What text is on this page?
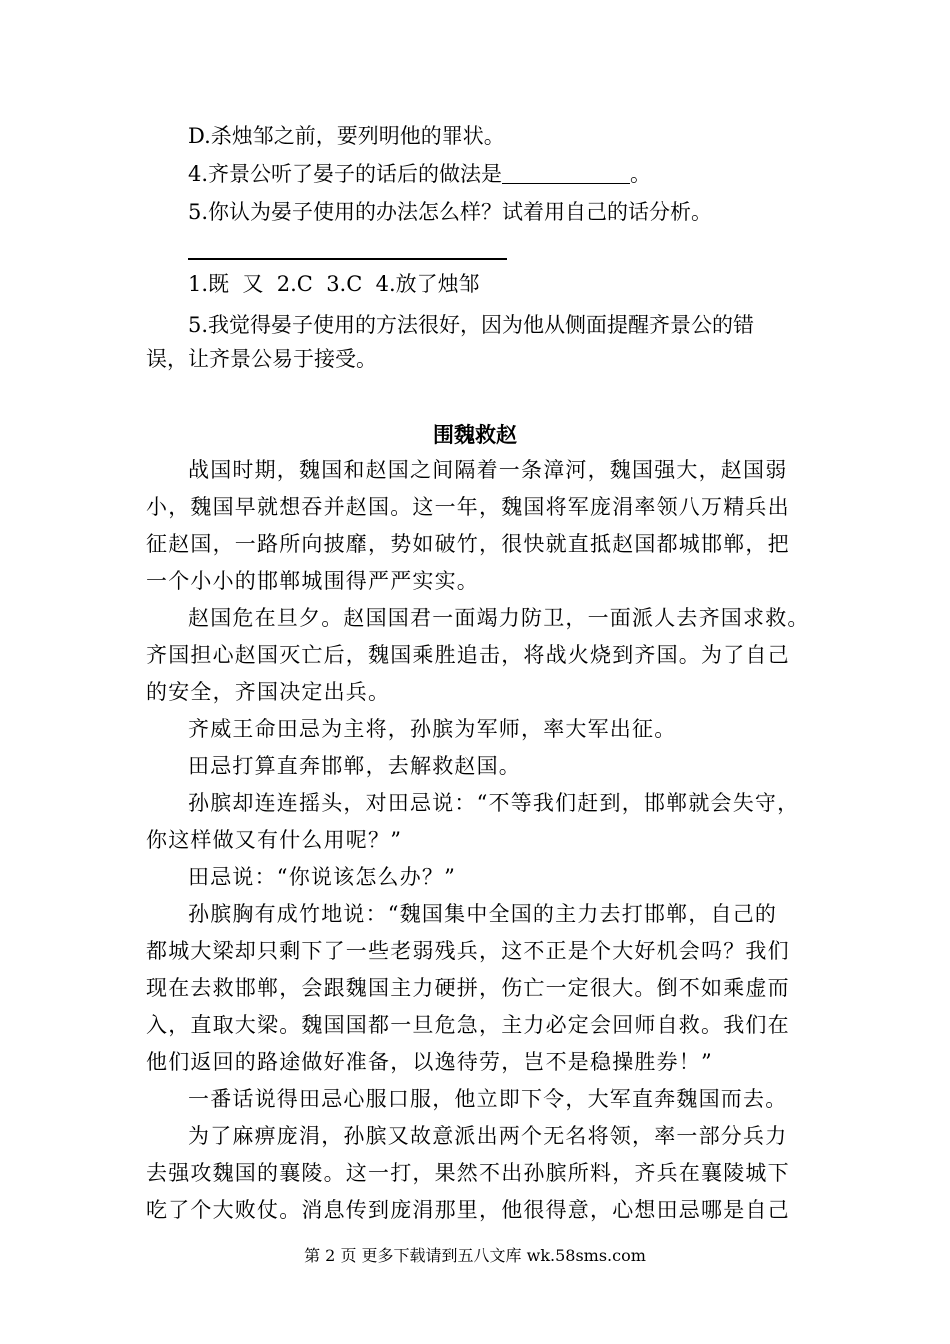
D.杀烛邹之前，要列明他的罪状。
4.齐景公听了晏子的话后的做法是	。
5.你认为晏子使用的办法怎么样？试着用自己的话分析。
1.既  又  2.C  3.C  4.放了烛邹
5.我觉得晏子使用的方法很好，因为他从侧面提醒齐景公的错
误，让齐景公易于接受。
围魏救赵
战国时期，魏国和赵国之间隔着一条漳河，魏国强大，赵国弱
小，魏国早就想吞并赵国。这一年，魏国将军庞涓率领八万精兵出
征赵国，一路所向披靡，势如破竹，很快就直抵赵国都城邯郸，把
一个小小的邯郸城围得严严实实。
赵国危在旦夕。赵国国君一面竭力防卫，一面派人去齐国求救。
齐国担心赵国灭亡后，魏国乘胜追击，将战火烧到齐国。为了自己
的安全，齐国决定出兵。
齐威王命田忌为主将，孙膑为军师，率大军出征。
田忌打算直奔邯郸，去解救赵国。
孙膑却连连摇头，对田忌说：“不等我们赶到，邯郸就会失守，
你这样做又有什么用呢？”
田忌说：“你说该怎么办？”
孙膑胸有成竹地说：“魏国集中全国的主力去打邯郸，自己的
都城大梁却只剩下了一些老弱残兵，这不正是个大好机会吗？我们
现在去救邯郸，会跟魏国主力硬拼，伤亡一定很大。倒不如乘虚而
入，直取大梁。魏国国都一旦危急，主力必定会回师自救。我们在
他们返回的路途做好准备，以逸待劳，岂不是稳操胜券！”
一番话说得田忌心服口服，他立即下令，大军直奔魏国而去。
为了麻痹庞涓，孙膑又故意派出两个无名将领，率一部分兵力
去强攻魏国的襄陵。这一打，果然不出孙膑所料，齐兵在襄陵城下
吃了个大败仗。消息传到庞涓那里，他很得意，心想田忌哪是自己
第 2 页 更多下载请到五八文库 wk.58sms.com
